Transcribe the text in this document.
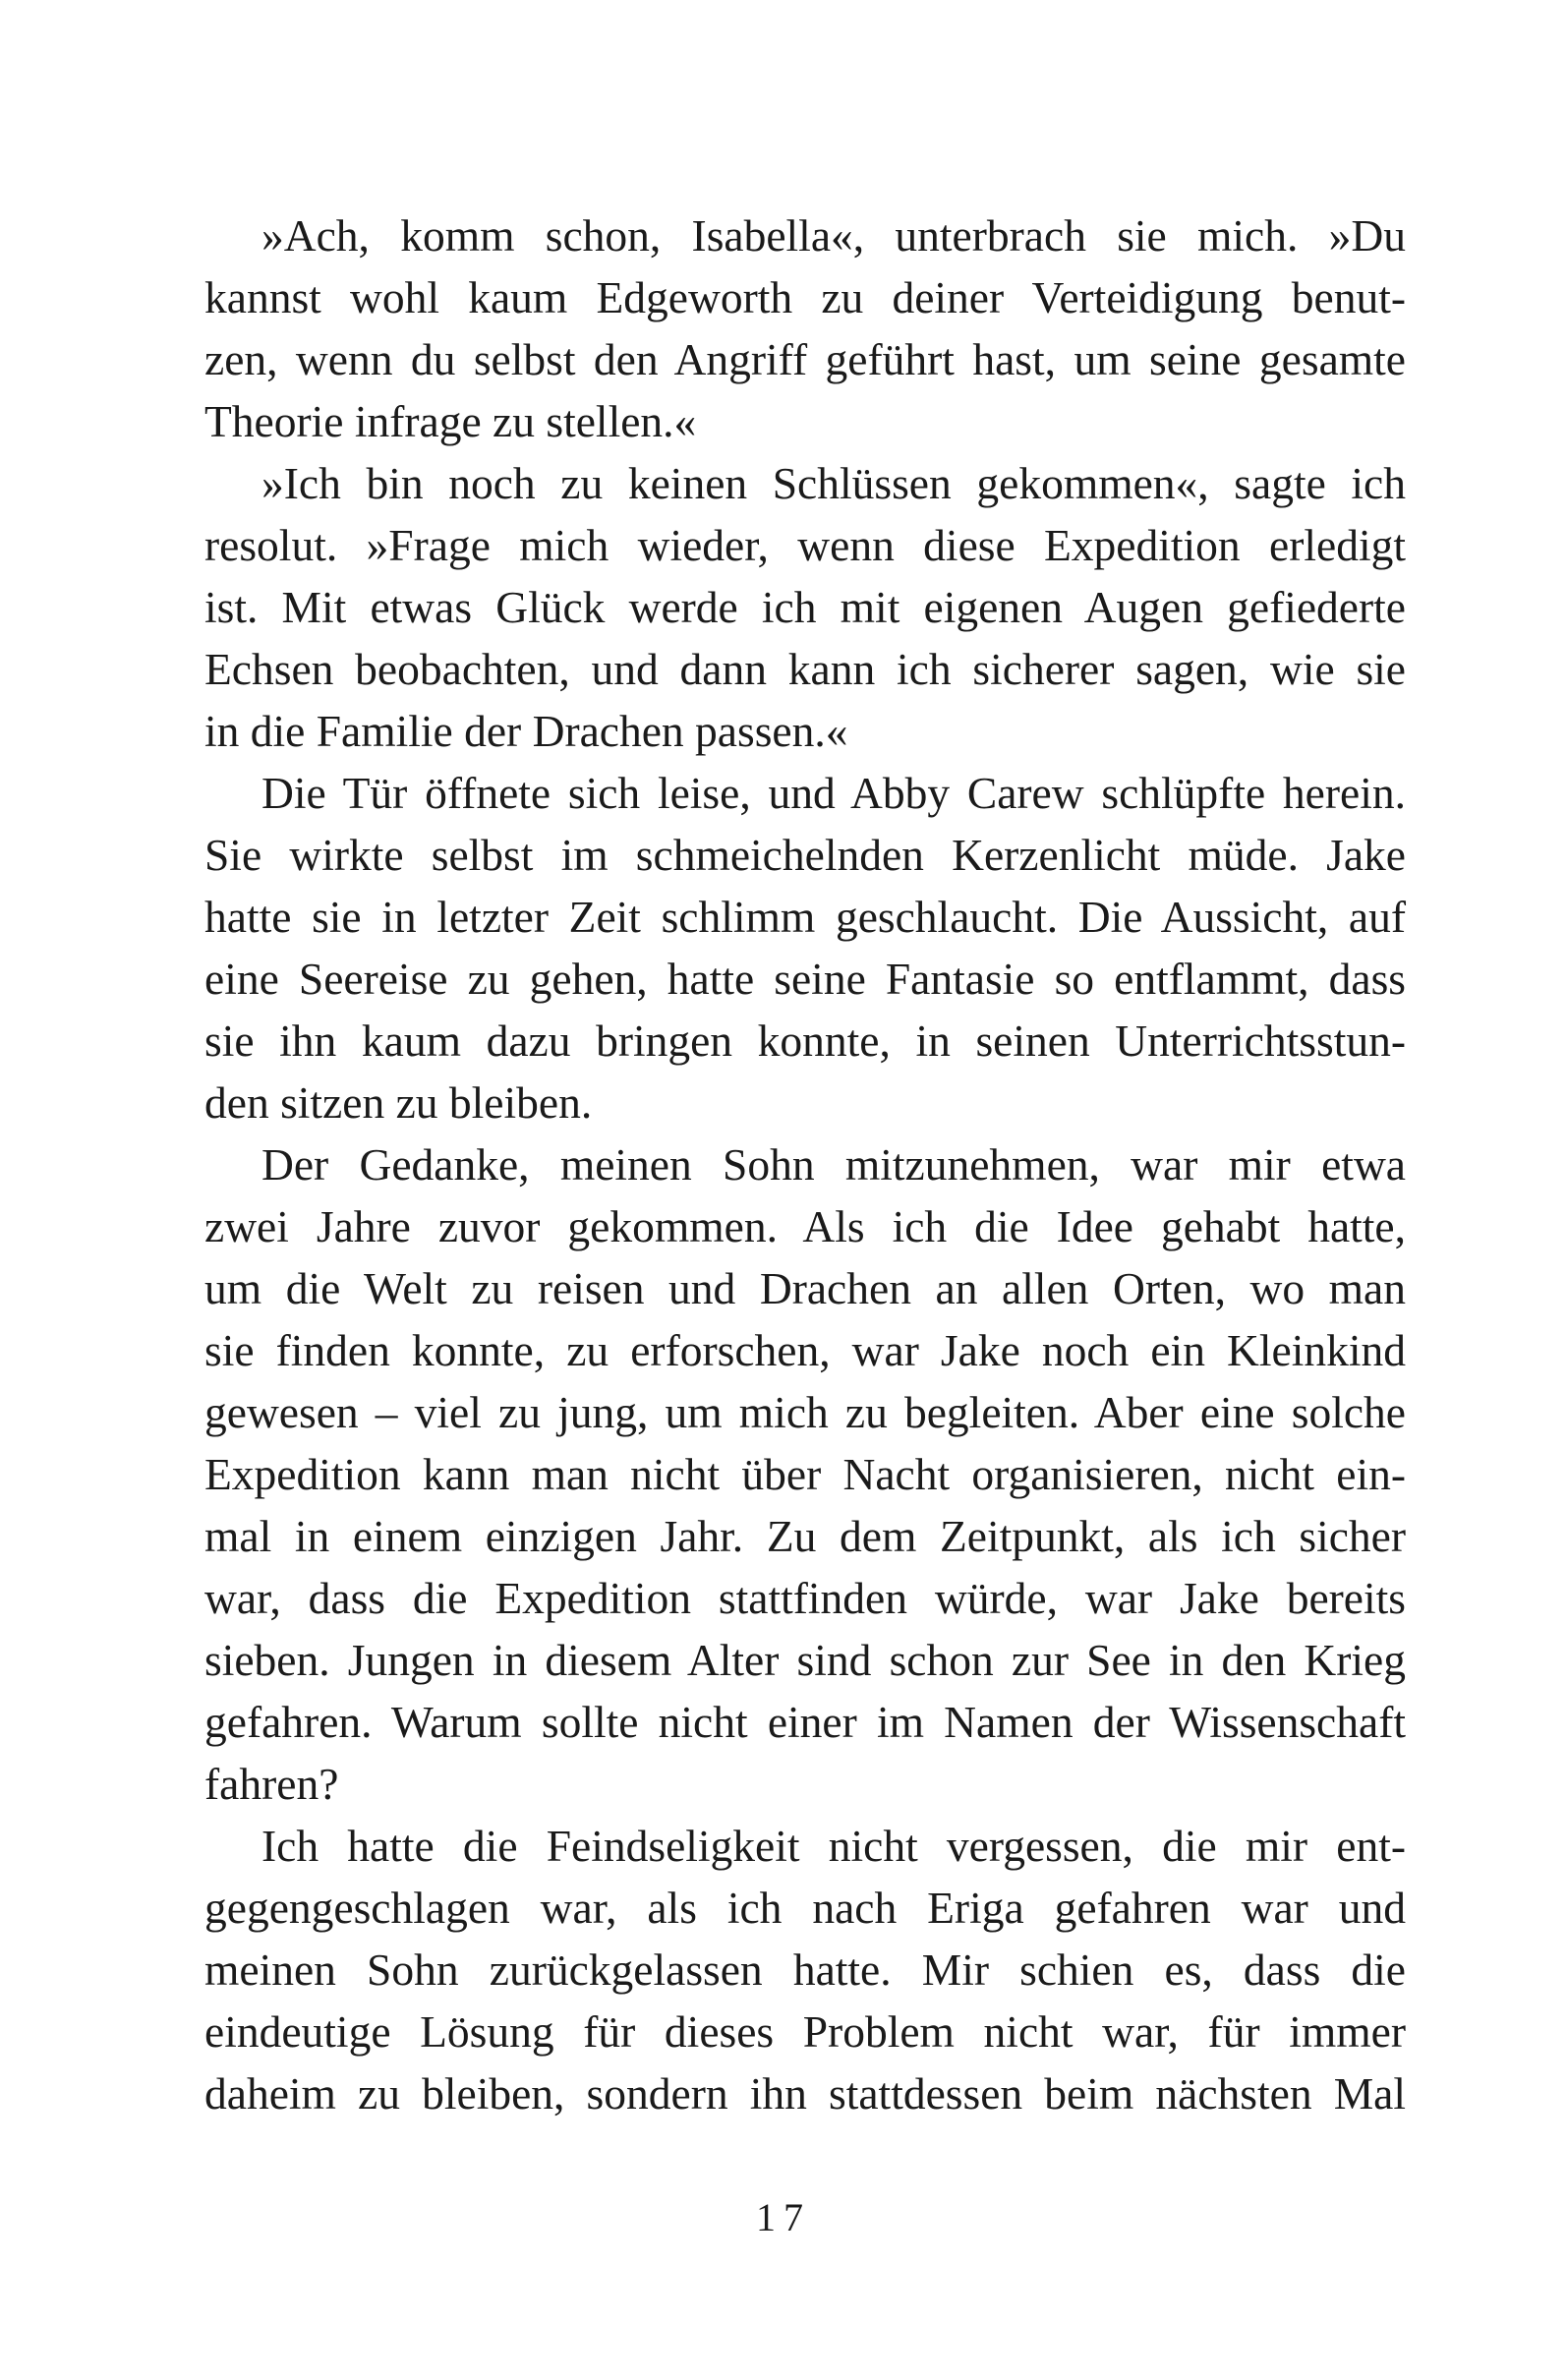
»Ach, komm schon, Isabella«, unterbrach sie mich. »Du
kannst wohl kaum Edgeworth zu deiner Verteidigung benut-
zen, wenn du selbst den Angriff geführt hast, um seine gesamte
Theorie infrage zu stellen.«
»Ich bin noch zu keinen Schlüssen gekommen«, sagte ich
resolut. »Frage mich wieder, wenn diese Expedition erledigt
ist. Mit etwas Glück werde ich mit eigenen Augen gefiederte
Echsen beobachten, und dann kann ich sicherer sagen, wie sie
in die Familie der Drachen passen.«
Die Tür öffnete sich leise, und Abby Carew schlüpfte herein.
Sie wirkte selbst im schmeichelnden Kerzenlicht müde. Jake
hatte sie in letzter Zeit schlimm geschlaucht. Die Aussicht, auf
eine Seereise zu gehen, hatte seine Fantasie so entflammt, dass
sie ihn kaum dazu bringen konnte, in seinen Unterrichtsstun-
den sitzen zu bleiben.
Der Gedanke, meinen Sohn mitzunehmen, war mir etwa
zwei Jahre zuvor gekommen. Als ich die Idee gehabt hatte,
um die Welt zu reisen und Drachen an allen Orten, wo man
sie finden konnte, zu erforschen, war Jake noch ein Kleinkind
gewesen – viel zu jung, um mich zu begleiten. Aber eine solche
Expedition kann man nicht über Nacht organisieren, nicht ein-
mal in einem einzigen Jahr. Zu dem Zeitpunkt, als ich sicher
war, dass die Expedition stattfinden würde, war Jake bereits
sieben. Jungen in diesem Alter sind schon zur See in den Krieg
gefahren. Warum sollte nicht einer im Namen der Wissenschaft
fahren?
Ich hatte die Feindseligkeit nicht vergessen, die mir ent-
gegengeschlagen war, als ich nach Eriga gefahren war und
meinen Sohn zurückgelassen hatte. Mir schien es, dass die
eindeutige Lösung für dieses Problem nicht war, für immer
daheim zu bleiben, sondern ihn stattdessen beim nächsten Mal
17
